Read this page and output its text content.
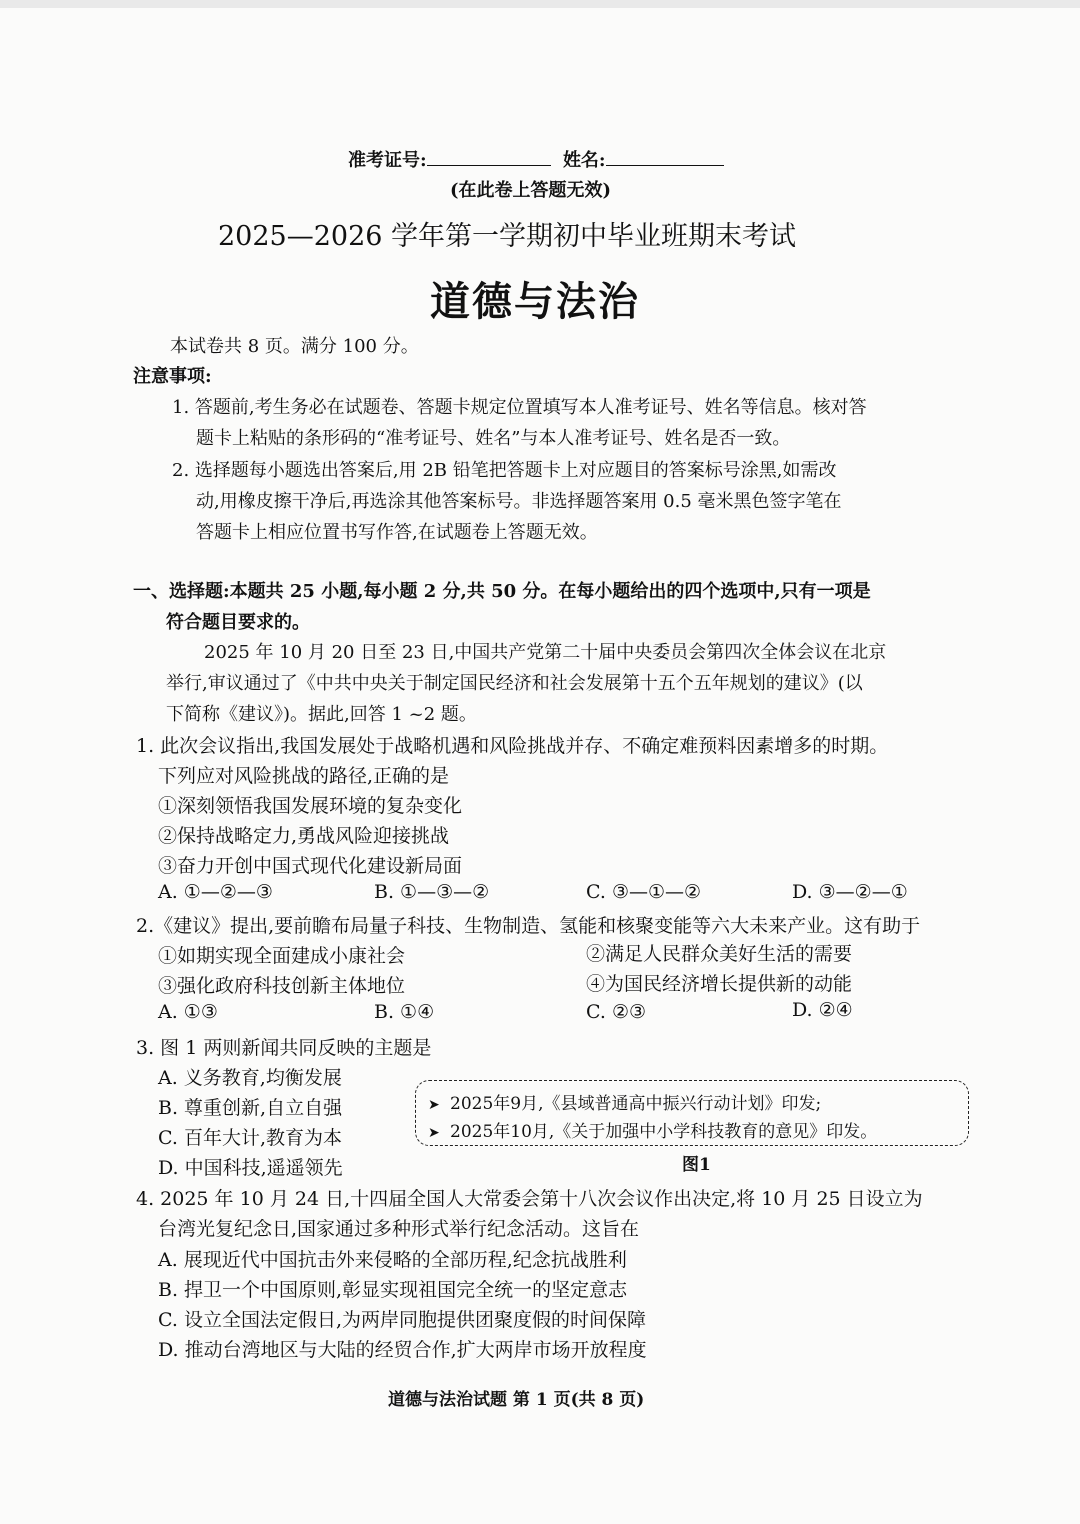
准考证号:	姓名:
(在此卷上答题无效)
2025—2026 学年第一学期初中毕业班期末考试
道德与法治
本试卷共 8 页。满分 100 分。
注意事项:
1. 答题前,考生务必在试题卷、答题卡规定位置填写本人准考证号、姓名等信息。核对答
题卡上粘贴的条形码的“准考证号、姓名”与本人准考证号、姓名是否一致。
2. 选择题每小题选出答案后,用 2B 铅笔把答题卡上对应题目的答案标号涂黑,如需改
动,用橡皮擦干净后,再选涂其他答案标号。非选择题答案用 0.5 毫米黑色签字笔在
答题卡上相应位置书写作答,在试题卷上答题无效。
一、选择题:本题共 25 小题,每小题 2 分,共 50 分。在每小题给出的四个选项中,只有一项是
符合题目要求的。
2025 年 10 月 20 日至 23 日,中国共产党第二十届中央委员会第四次全体会议在北京
举行,审议通过了《中共中央关于制定国民经济和社会发展第十五个五年规划的建议》(以
下简称《建议》)。据此,回答 1 ~2 题。
1. 此次会议指出,我国发展处于战略机遇和风险挑战并存、不确定难预料因素增多的时期。
下列应对风险挑战的路径,正确的是
①深刻领悟我国发展环境的复杂变化
②保持战略定力,勇战风险迎接挑战
③奋力开创中国式现代化建设新局面
A. ①—②—③	B. ①—③—②	C. ③—①—②	D. ③—②—①
2.《建议》提出,要前瞻布局量子科技、生物制造、氢能和核聚变能等六大未来产业。这有助于
①如期实现全面建成小康社会	②满足人民群众美好生活的需要
③强化政府科技创新主体地位	④为国民经济增长提供新的动能
A. ①③	B. ①④	C. ②③	D. ②④
3. 图 1 两则新闻共同反映的主题是
A. 义务教育,均衡发展
B. 尊重创新,自立自强
C. 百年大计,教育为本
D. 中国科技,遥遥领先
➤ 2025年9月,《县域普通高中振兴行动计划》印发;
➤ 2025年10月,《关于加强中小学科技教育的意见》印发。
图1
4. 2025 年 10 月 24 日,十四届全国人大常委会第十八次会议作出决定,将 10 月 25 日设立为
台湾光复纪念日,国家通过多种形式举行纪念活动。这旨在
A. 展现近代中国抗击外来侵略的全部历程,纪念抗战胜利
B. 捍卫一个中国原则,彰显实现祖国完全统一的坚定意志
C. 设立全国法定假日,为两岸同胞提供团聚度假的时间保障
D. 推动台湾地区与大陆的经贸合作,扩大两岸市场开放程度
道德与法治试题 第 1 页(共 8 页)
